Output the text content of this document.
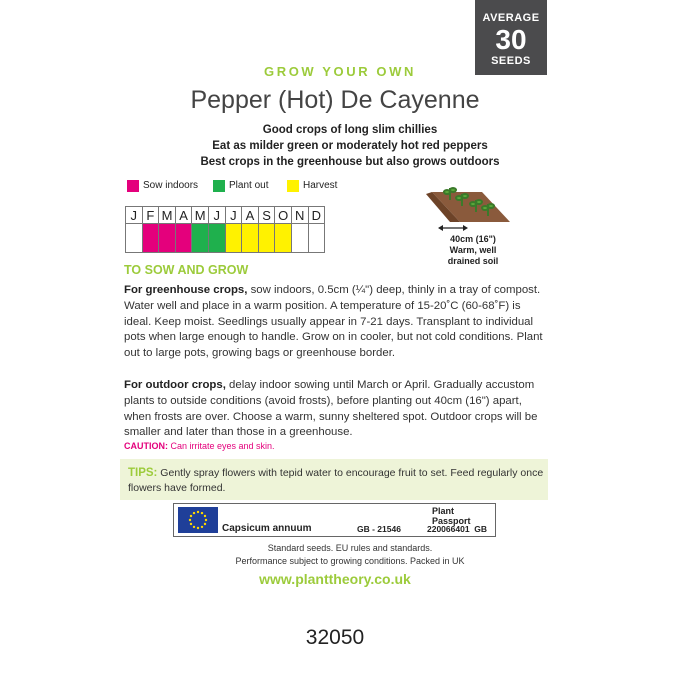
AVERAGE
30
SEEDS
GROW YOUR OWN
Pepper (Hot) De Cayenne
Good crops of long slim chillies
Eat as milder green or moderately hot red peppers
Best crops in the greenhouse but also grows outdoors
Sow indoors	Plant out	Harvest
J	F	M	A	M	J	J	A	S	O	N	D

40cm (16")
Warm, well
drained soil
TO SOW AND GROW
For greenhouse crops, sow indoors, 0.5cm (¼") deep, thinly in a tray of compost. Water well and place in a warm position. A temperature of 15-20˚C (60-68˚F) is ideal. Keep moist. Seedlings usually appear in 7-21 days. Transplant to individual pots when large enough to handle. Grow on in cooler, but not cold conditions. Plant out to large pots, growing bags or greenhouse border.
For outdoor crops, delay indoor sowing until March or April. Gradually accustom plants to outside conditions (avoid frosts), before planting out 40cm (16") apart, when frosts are over. Choose a warm, sunny sheltered spot. Outdoor crops will be smaller and later than those in a greenhouse.
CAUTION: Can irritate eyes and skin.
TIPS: Gently spray flowers with tepid water to encourage fruit to set. Feed regularly once flowers have formed.
Plant Passport
Capsicum annuum	GB - 21546	220066401  GB
Standard seeds. EU rules and standards.
Performance subject to growing conditions. Packed in UK
www.planttheory.co.uk
32050
